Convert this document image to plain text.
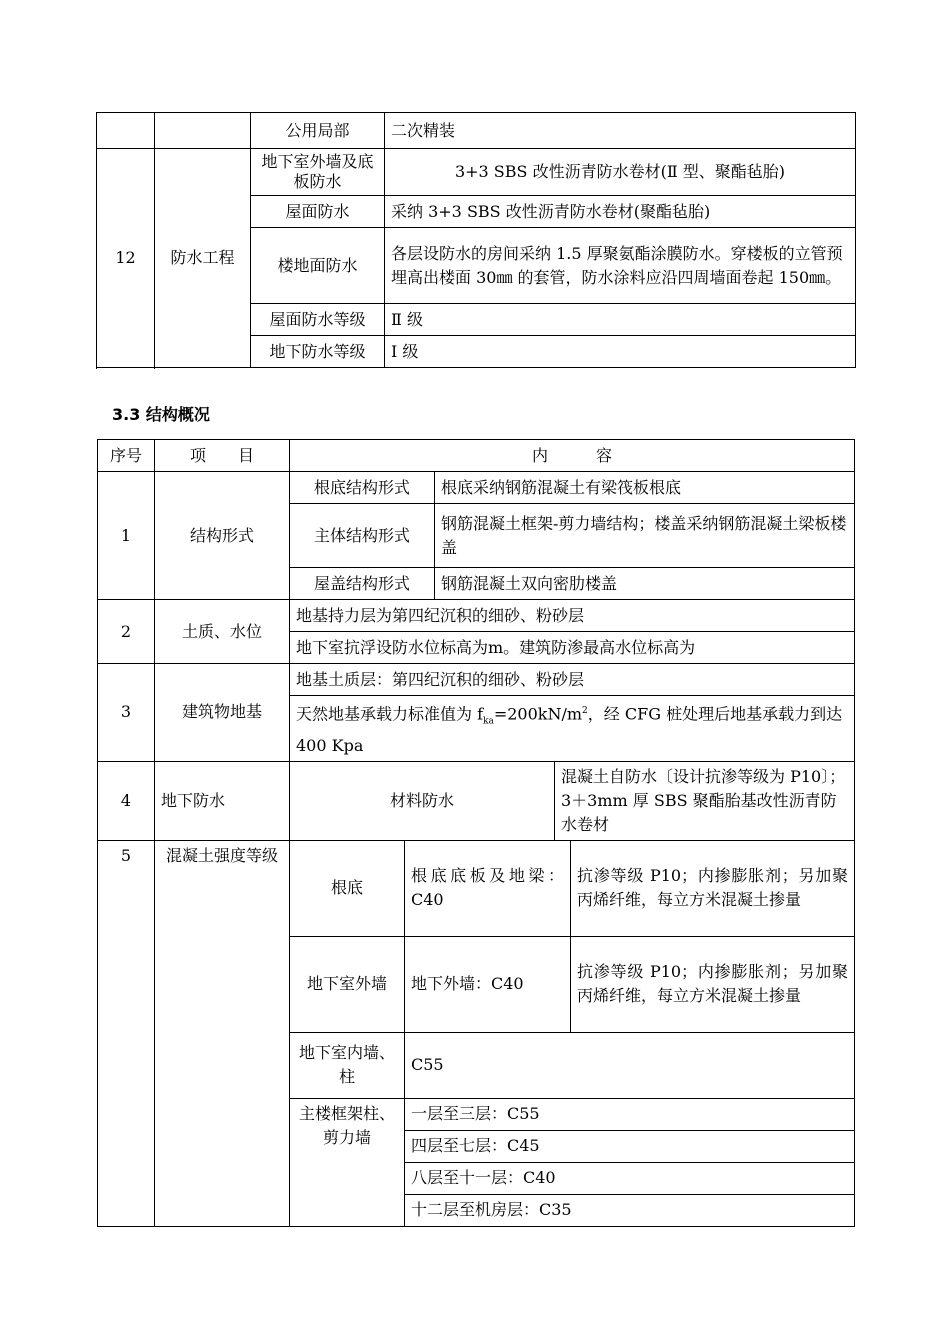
		公用局部	二次精装
12	防水工程	地下室外墙及底板防水	3+3 SBS 改性沥青防水卷材(Ⅱ 型、聚酯毡胎)
		屋面防水	采纳 3+3 SBS 改性沥青防水卷材(聚酯毡胎)
		楼地面防水	各层设防水的房间采纳 1.5 厚聚氨酯涂膜防水。穿楼板的立管预埋高出楼面 30㎜ 的套管，防水涂料应沿四周墙面卷起 150㎜。
		屋面防水等级	Ⅱ 级
		地下防水等级	Ⅰ 级

3.3 结构概况
序号	项　　目	内　　　容				
1	结构形式	根底结构形式		根底采纳钢筋混凝土有梁筏板根底		
		主体结构形式		钢筋混凝土框架-剪力墙结构；楼盖采纳钢筋混凝土梁板楼盖		
		屋盖结构形式		钢筋混凝土双向密肋楼盖		
2	土质、水位	地基持力层为第四纪沉积的细砂、粉砂层				
		地下室抗浮设防水位标高为m。建筑防渗最高水位标高为				
3	建筑物地基	地基土质层：第四纪沉积的细砂、粉砂层				
		天然地基承载力标准值为 $f_{ka}=200kN/m^2$，经 CFG 桩处理后地基承载力到达 400 Kpa				
4	地下防水	材料防水			混凝土自防水〔设计抗渗等级为 P10〕；3＋3mm 厚 SBS 聚酯胎基改性沥青防水卷材	
5	混凝土强度等级	根底	根底底板及地梁：C40			抗渗等级 P10；内掺膨胀剂；另加聚丙烯纤维，每立方米混凝土掺量
		地下室外墙	地下外墙：C40			抗渗等级 P10；内掺膨胀剂；另加聚丙烯纤维，每立方米混凝土掺量
		地下室内墙、柱	C55			
		主楼框架柱、剪力墙	一层至三层：C55			
			四层至七层：C45			
			八层至十一层：C40			
			十二层至机房层：C35			
